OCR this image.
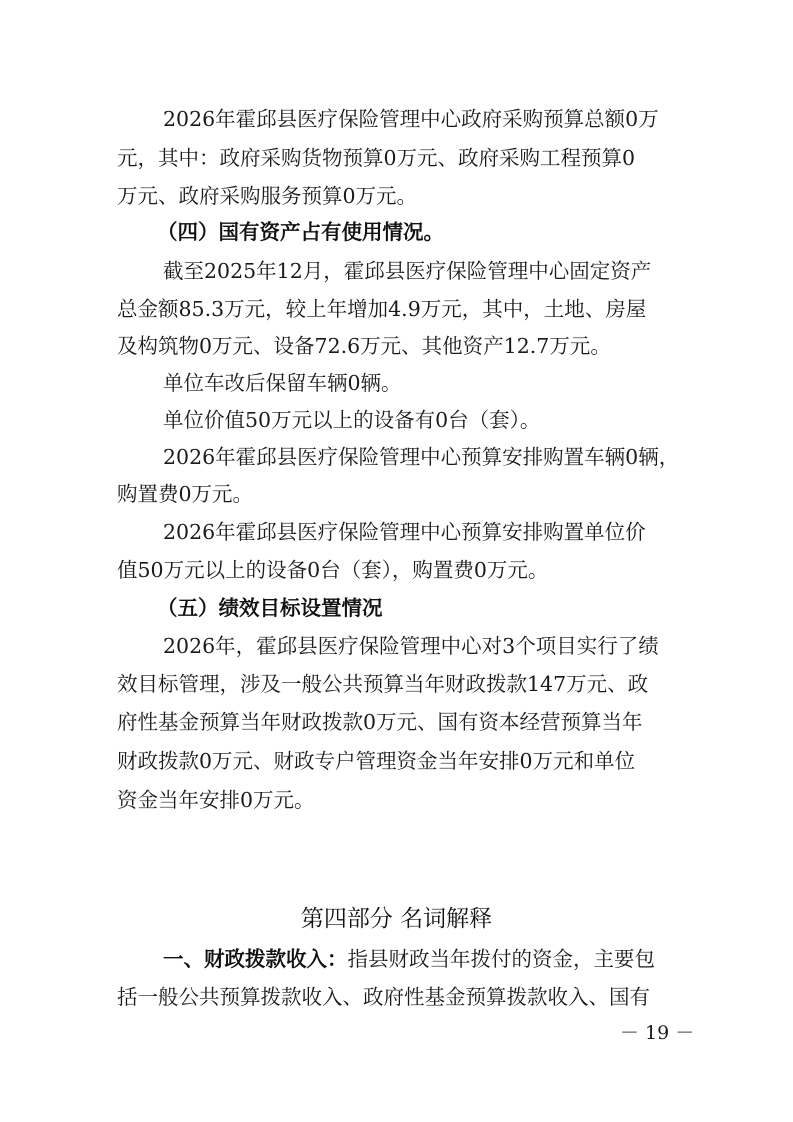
2026年霍邱县医疗保险管理中心政府采购预算总额0万
元，其中：政府采购货物预算0万元、政府采购工程预算0
万元、政府采购服务预算0万元。
（四）国有资产占有使用情况。
截至2025年12月，霍邱县医疗保险管理中心固定资产
总金额85.3万元，较上年增加4.9万元，其中，土地、房屋
及构筑物0万元、设备72.6万元、其他资产12.7万元。
单位车改后保留车辆0辆。
单位价值50万元以上的设备有0台（套）。
2026年霍邱县医疗保险管理中心预算安排购置车辆0辆，
购置费0万元。
2026年霍邱县医疗保险管理中心预算安排购置单位价
值50万元以上的设备0台（套），购置费0万元。
（五）绩效目标设置情况
2026年，霍邱县医疗保险管理中心对3个项目实行了绩
效目标管理，涉及一般公共预算当年财政拨款147万元、政
府性基金预算当年财政拨款0万元、国有资本经营预算当年
财政拨款0万元、财政专户管理资金当年安排0万元和单位
资金当年安排0万元。
第四部分 名词解释
一、财政拨款收入：指县财政当年拨付的资金，主要包
括一般公共预算拨款收入、政府性基金预算拨款收入、国有
－ 19 －
